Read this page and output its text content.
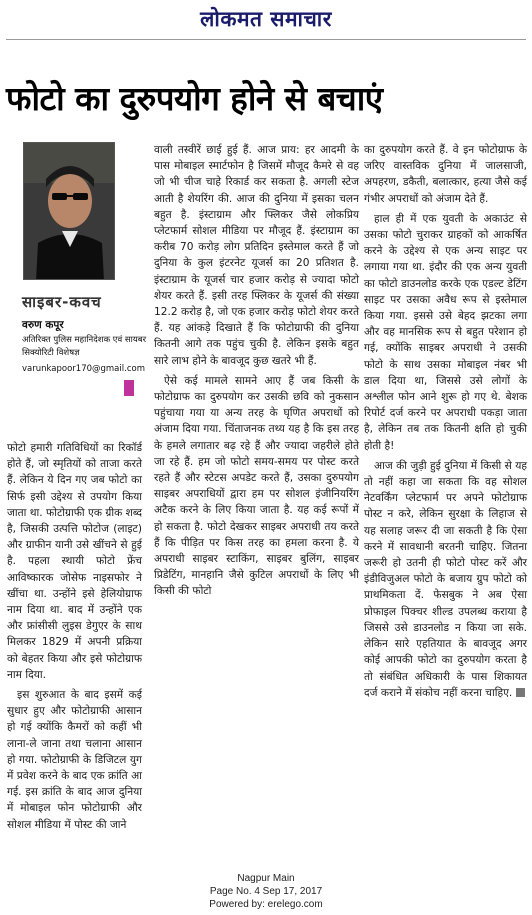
लोकमत समाचार
फोटो का दुरुपयोग होने से बचाएं
साइबर-कवच
वरुण कपूर
अतिरिक्त पुलिस महानिदेशक एवं सायबर सिक्योरिटी विशेषज्ञ
varunkapoor170@gmail.com

फोटो हमारी गतिविधियों का रिकॉर्ड होते हैं, जो स्मृतियों को ताजा करते हैं. लेकिन ये दिन गए जब फोटो का सिर्फ इसी उद्देश्य से उपयोग किया जाता था. फोटोग्राफी एक ग्रीक शब्द है, जिसकी उत्पत्ति फोटोज (लाइट) और ग्राफीन यानी उसे खींचने से हुई है. पहला स्थायी फोटो फ्रेंच आविष्कारक जोसेफ नाइसफोर ने खींचा था. उन्होंने इसे हेलियोग्राफ नाम दिया था. बाद में उन्होंने एक और फ्रांसीसी लुइस डेगुएर के साथ मिलकर 1829 में अपनी प्रक्रिया को बेहतर किया और इसे फोटोग्राफ नाम दिया.

इस शुरुआत के बाद इसमें कई सुधार हुए और फोटोग्राफी आसान हो गई क्योंकि कैमरों को कहीं भी लाना-ले जाना तथा चलाना आसान हो गया. फोटोग्राफी के डिजिटल युग में प्रवेश करने के बाद एक क्रांति आ गई. इस क्रांति के बाद आज दुनिया में मोबाइल फोन फोटोग्राफी और सोशल मीडिया में पोस्ट की जाने

वाली तस्वीरें छाई हुई हैं. आज प्राय: हर आदमी के पास मोबाइल स्मार्टफोन है जिसमें मौजूद कैमरे से वह जो भी चीज चाहे रिकार्ड कर सकता है. अगली स्टेज आती है शेयरिंग की. आज की दुनिया में इसका चलन बहुत है. इंस्टाग्राम और फ्लिकर जैसे लोकप्रिय प्लेटफार्म सोशल मीडिया पर मौजूद हैं. इंस्टाग्राम का करीब 70 करोड़ लोग प्रतिदिन इस्तेमाल करते हैं जो दुनिया के कुल इंटरनेट यूजर्स का 20 प्रतिशत है. इंस्टाग्राम के यूजर्स चार हजार करोड़ से ज्यादा फोटो शेयर करते हैं. इसी तरह फ्लिकर के यूजर्स की संख्या 12.2 करोड़ है, जो एक हजार करोड़ फोटो शेयर करते हैं. यह आंकड़े दिखाते हैं कि फोटोग्राफी की दुनिया कितनी आगे तक पहुंच चुकी है. लेकिन इसके बहुत सारे लाभ होने के बावजूद कुछ खतरे भी हैं.

ऐसे कई मामले सामने आए हैं जब किसी के फोटोग्राफ का दुरुपयोग कर उसकी छवि को नुकसान पहुंचाया गया या अन्य तरह के घृणित अपराधों को अंजाम दिया गया. चिंताजनक तथ्य यह है कि इस तरह के हमले लगातार बढ़ रहे हैं और ज्यादा जहरीले होते जा रहे हैं. हम जो फोटो समय-समय पर पोस्ट करते रहते हैं और स्टेटस अपडेट करते हैं, उसका दुरुपयोग साइबर अपराधियों द्वारा हम पर सोशल इंजीनियरिंग अटैक करने के लिए किया जाता है. यह कई रूपों में हो सकता है. फोटो देखकर साइबर अपराधी तय करते हैं कि पीड़ित पर किस तरह का हमला करना है. ये अपराधी साइबर स्टाकिंग, साइबर बुलिंग, साइबर प्रिडेटिंग, मानहानि जैसे कुटिल अपराधों के लिए भी किसी की फोटो

का दुरुपयोग करते हैं. वे इन फोटोग्राफ के जरिए वास्तविक दुनिया में जालसाजी, अपहरण, डकैती, बलात्कार, हत्या जैसे कई गंभीर अपराधों को अंजाम देते हैं.

हाल ही में एक युवती के अकाउंट से उसका फोटो चुराकर ग्राहकों को आकर्षित करने के उद्देश्य से एक अन्य साइट पर लगाया गया था. इंदौर की एक अन्य युवती का फोटो डाउनलोड करके एक एडल्ट डेटिंग साइट पर उसका अवैध रूप से इस्तेमाल किया गया. इससे उसे बेहद झटका लगा और वह मानसिक रूप से बहुत परेशान हो गई, क्योंकि साइबर अपराधी ने उसकी फोटो के साथ उसका मोबाइल नंबर भी डाल दिया था, जिससे उसे लोगों के अश्लील फोन आने शुरू हो गए थे. बेशक रिपोर्ट दर्ज करने पर अपराधी पकड़ा जाता है, लेकिन तब तक कितनी क्षति हो चुकी होती है!

आज की जुड़ी हुई दुनिया में किसी से यह तो नहीं कहा जा सकता कि वह सोशल नेटवर्किंग प्लेटफार्म पर अपने फोटोग्राफ पोस्ट न करे, लेकिन सुरक्षा के लिहाज से यह सलाह जरूर दी जा सकती है कि ऐसा करने में सावधानी बरतनी चाहिए. जितना जरूरी हो उतनी ही फोटो पोस्ट करें और इंडीविजुअल फोटो के बजाय ग्रुप फोटो को प्राथमिकता दें. फेसबुक ने अब ऐसा प्रोफाइल पिक्चर शील्ड उपलब्ध कराया है जिससे उसे डाउनलोड न किया जा सके. लेकिन सारे एहतियात के बावजूद अगर कोई आपकी फोटो का दुरुपयोग करता है तो संबंधित अधिकारी के पास शिकायत दर्ज कराने में संकोच नहीं करना चाहिए.

Nagpur Main
Page No. 4 Sep 17, 2017
Powered by: erelego.com
